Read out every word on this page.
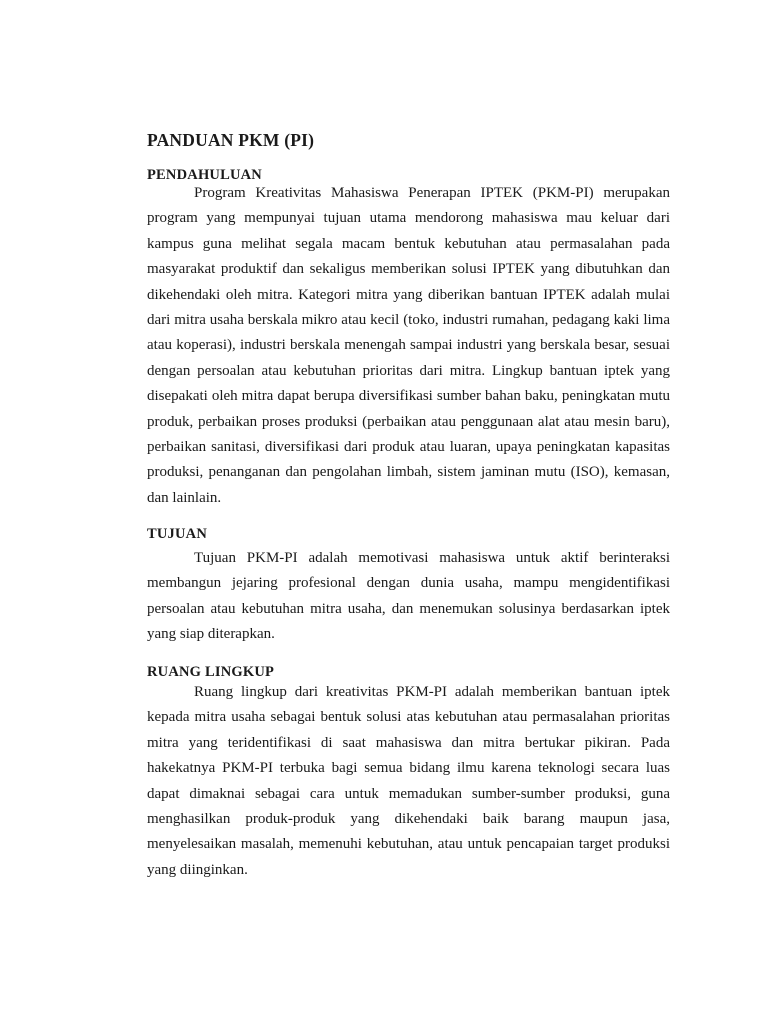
PANDUAN PKM (PI)
PENDAHULUAN

Program Kreativitas Mahasiswa Penerapan IPTEK (PKM-PI) merupakan program yang mempunyai tujuan utama mendorong mahasiswa mau keluar dari kampus guna melihat segala macam bentuk kebutuhan atau permasalahan pada masyarakat produktif dan sekaligus memberikan solusi IPTEK yang dibutuhkan dan dikehendaki oleh mitra. Kategori mitra yang diberikan bantuan IPTEK adalah mulai dari mitra usaha berskala mikro atau kecil (toko, industri rumahan, pedagang kaki lima atau koperasi), industri berskala menengah sampai industri yang berskala besar, sesuai dengan persoalan atau kebutuhan prioritas dari mitra. Lingkup bantuan iptek yang disepakati oleh mitra dapat berupa diversifikasi sumber bahan baku, peningkatan mutu produk, perbaikan proses produksi (perbaikan atau penggunaan alat atau mesin baru), perbaikan sanitasi, diversifikasi dari produk atau luaran, upaya peningkatan kapasitas produksi, penanganan dan pengolahan limbah, sistem jaminan mutu (ISO), kemasan, dan lainlain.

TUJUAN

Tujuan PKM-PI adalah memotivasi mahasiswa untuk aktif berinteraksi membangun jejaring profesional dengan dunia usaha, mampu mengidentifikasi persoalan atau kebutuhan mitra usaha, dan menemukan solusinya berdasarkan iptek yang siap diterapkan.

RUANG LINGKUP

Ruang lingkup dari kreativitas PKM-PI adalah memberikan bantuan iptek kepada mitra usaha sebagai bentuk solusi atas kebutuhan atau permasalahan prioritas mitra yang teridentifikasi di saat mahasiswa dan mitra bertukar pikiran. Pada hakekatnya PKM-PI terbuka bagi semua bidang ilmu karena teknologi secara luas dapat dimaknai sebagai cara untuk memadukan sumber-sumber produksi, guna menghasilkan produk-produk yang dikehendaki baik barang maupun jasa, menyelesaikan masalah, memenuhi kebutuhan, atau untuk pencapaian target produksi yang diinginkan.
